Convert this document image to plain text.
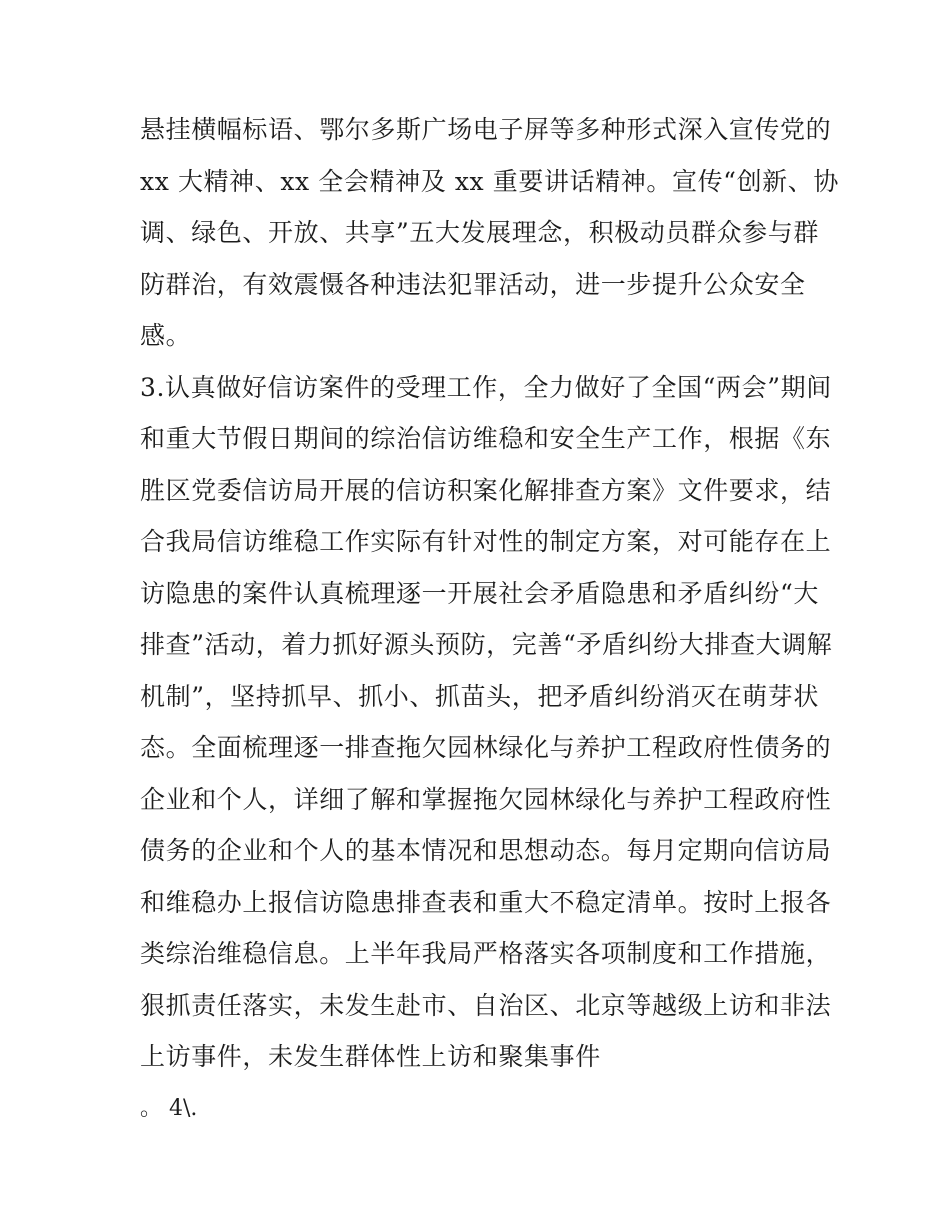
悬挂横幅标语、鄂尔多斯广场电子屏等多种形式深入宣传党的
xx 大精神、xx 全会精神及 xx 重要讲话精神。宣传“创新、协
调、绿色、开放、共享”五大发展理念，积极动员群众参与群
防群治，有效震慑各种违法犯罪活动，进一步提升公众安全
感。
3.认真做好信访案件的受理工作，全力做好了全国“两会”期间
和重大节假日期间的综治信访维稳和安全生产工作，根据《东
胜区党委信访局开展的信访积案化解排查方案》文件要求，结
合我局信访维稳工作实际有针对性的制定方案，对可能存在上
访隐患的案件认真梳理逐一开展社会矛盾隐患和矛盾纠纷“大
排查”活动，着力抓好源头预防，完善“矛盾纠纷大排查大调解
机制”，坚持抓早、抓小、抓苗头，把矛盾纠纷消灭在萌芽状
态。全面梳理逐一排查拖欠园林绿化与养护工程政府性债务的
企业和个人，详细了解和掌握拖欠园林绿化与养护工程政府性
债务的企业和个人的基本情况和思想动态。每月定期向信访局
和维稳办上报信访隐患排查表和重大不稳定清单。按时上报各
类综治维稳信息。上半年我局严格落实各项制度和工作措施，
狠抓责任落实，未发生赴市、自治区、北京等越级上访和非法
上访事件，未发生群体性上访和聚集事件
。 4\.
